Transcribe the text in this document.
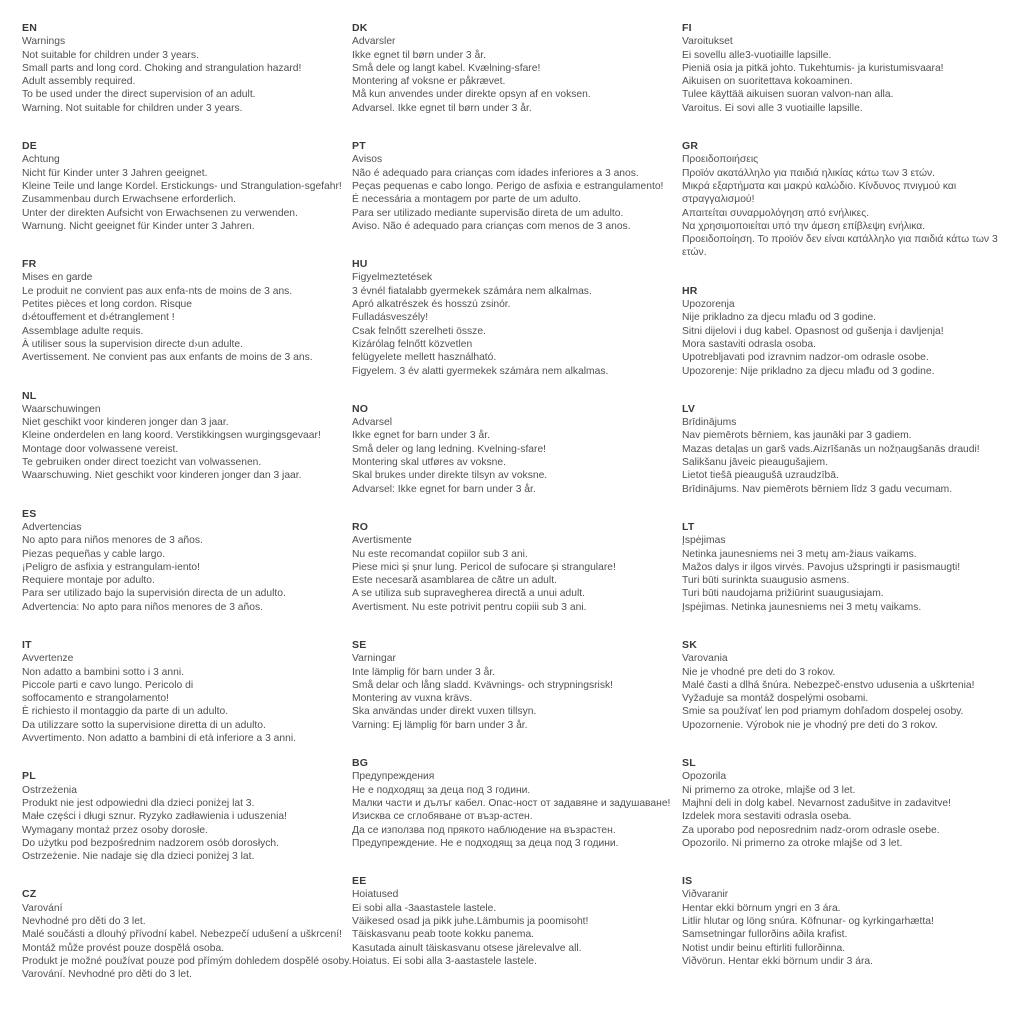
EN
Warnings
Not suitable for children under 3 years.
Small parts and long cord. Choking and strangulation hazard!
Adult assembly required.
To be used under the direct supervision of an adult.
Warning. Not suitable for children under 3 years.
DE
Achtung
Nicht für Kinder unter 3 Jahren geeignet.
Kleine Teile und lange Kordel. Erstickungs- und Strangulation-sgefahr!
Zusammenbau durch Erwachsene erforderlich.
Unter der direkten Aufsicht von Erwachsenen zu verwenden.
Warnung. Nicht geeignet für Kinder unter 3 Jahren.
FR
Mises en garde
Le produit ne convient pas aux enfa-nts de moins de 3 ans.
Petites pièces et long cordon. Risque
d›étouffement et d›étranglement !
Assemblage adulte requis.
À utiliser sous la supervision directe d›un adulte.
Avertissement. Ne convient pas aux enfants de moins de 3 ans.
NL
Waarschuwingen
Niet geschikt voor kinderen jonger dan 3 jaar.
Kleine onderdelen en lang koord. Verstikkingsen wurgingsgevaar!
Montage door volwassene vereist.
Te gebruiken onder direct toezicht van volwassenen.
Waarschuwing. Niet geschikt voor kinderen jonger dan 3 jaar.
ES
Advertencias
No apto para niños menores de 3 años.
Piezas pequeñas y cable largo.
¡Peligro de asfixia y estrangulam-iento!
Requiere montaje por adulto.
Para ser utilizado bajo la supervisión directa de un adulto.
Advertencia: No apto para niños menores de 3 años.
IT
Avvertenze
Non adatto a bambini sotto i 3 anni.
Piccole parti e cavo lungo. Pericolo di
soffocamento e strangolamento!
È richiesto il montaggio da parte di un adulto.
Da utilizzare sotto la supervisione diretta di un adulto.
Avvertimento. Non adatto a bambini di età inferiore a 3 anni.
PL
Ostrzeżenia
Produkt nie jest odpowiedni dla dzieci poniżej lat 3.
Małe części i długi sznur. Ryzyko zadławienia i uduszenia!
Wymagany montaż przez osoby dorosłe.
Do użytku pod bezpośrednim nadzorem osób dorosłych.
Ostrzeżenie. Nie nadaje się dla dzieci poniżej 3 lat.
CZ
Varování
Nevhodné pro děti do 3 let.
Malé součásti a dlouhý přívodní kabel. Nebezpečí udušení a uškrcení!
Montáž může provést pouze dospělá osoba.
Produkt je možné používat pouze pod přímým dohledem dospělé osoby.
Varování. Nevhodné pro děti do 3 let.
DK
Advarsler
Ikke egnet til børn under 3 år.
Små dele og langt kabel. Kvælning-sfare!
Montering af voksne er påkrævet.
Må kun anvendes under direkte opsyn af en voksen.
Advarsel. Ikke egnet til børn under 3 år.
PT
Avisos
Não é adequado para crianças com idades inferiores a 3 anos.
Peças pequenas e cabo longo. Perigo de asfixia e estrangulamento!
É necessária a montagem por parte de um adulto.
Para ser utilizado mediante supervisão direta de um adulto.
Aviso. Não é adequado para crianças com menos de 3 anos.
HU
Figyelmeztetések
3 évnél fiatalabb gyermekek számára nem alkalmas.
Apró alkatrészek és hosszú zsinór.
Fulladásveszély!
Csak felnőtt szerelheti össze.
Kizárólag felnőtt közvetlen
felügyelete mellett használható.
Figyelem. 3 év alatti gyermekek számára nem alkalmas.
NO
Advarsel
Ikke egnet for barn under 3 år.
Små deler og lang ledning. Kvelning-sfare!
Montering skal utføres av voksne.
Skal brukes under direkte tilsyn av voksne.
Advarsel: Ikke egnet for barn under 3 år.
RO
Avertismente
Nu este recomandat copiilor sub 3 ani.
Piese mici și șnur lung. Pericol de sufocare și strangulare!
Este necesară asamblarea de către un adult.
A se utiliza sub supravegherea directă a unui adult.
Avertisment. Nu este potrivit pentru copiii sub 3 ani.
SE
Varningar
Inte lämplig för barn under 3 år.
Små delar och lång sladd. Kvävnings- och strypningsrisk!
Montering av vuxna krävs.
Ska användas under direkt vuxen tillsyn.
Varning: Ej lämplig för barn under 3 år.
BG
Предупреждения
Не е подходящ за деца под 3 години.
Малки части и дълъг кабел. Опас-ност от задавяне и задушаване!
Изисква се сглобяване от възр-астен.
Да се използва под прякото наблюдение на възрастен.
Предупреждение. Не е подходящ за деца под 3 години.
EE
Hoiatused
Ei sobi alla -3aastastele lastele.
Väikesed osad ja pikk juhe.Lämbumis ja poomisoht!
Täiskasvanu peab toote kokku panema.
Kasutada ainult täiskasvanu otsese järelevalve all.
Hoiatus. Ei sobi alla 3-aastastele lastele.
FI
Varoitukset
Ei sovellu alle3-vuotiaille lapsille.
Pieniä osia ja pitkä johto. Tukehtumis- ja kuristumisvaara!
Aikuisen on suoritettava kokoaminen.
Tulee käyttää aikuisen suoran valvon-nan alla.
Varoitus. Ei sovi alle 3 vuotiaille lapsille.
GR
Προειδοποιήσεις
Προϊόν ακατάλληλο για παιδιά ηλικίας κάτω των 3 ετών.
Μικρά εξαρτήματα και μακρύ καλώδιο. Κίνδυνος πνιγμού και
στραγγαλισμού!
Απαιτείται συναρμολόγηση από ενήλικες.
Να χρησιμοποιείται υπό την άμεση επίβλεψη ενήλικα.
Προειδοποίηση. Το προϊόν δεν είναι κατάλληλο για παιδιά κάτω των 3
ετών.
HR
Upozorenja
Nije prikladno za djecu mlađu od 3 godine.
Sitni dijelovi i dug kabel. Opasnost od gušenja i davljenja!
Mora sastaviti odrasla osoba.
Upotrebljavati pod izravnim nadzor-om odrasle osobe.
Upozorenje: Nije prikladno za djecu mlađu od 3 godine.
LV
Brīdinājums
Nav piemērots bērniem, kas jaunāki par 3 gadiem.
Mazas detaļas un garš vads.Aizrīšanās un nožņaugšanās draudi!
Salikšanu jāveic pieaugušajiem.
Lietot tiešā pieaugušā uzraudzībā.
Brīdinājums. Nav piemērots bērniem līdz 3 gadu vecumam.
LT
Įspėjimas
Netinka jaunesniems nei 3 metų am-žiaus vaikams.
Mažos dalys ir ilgos virvės. Pavojus užspringti ir pasismaugti!
Turi būti surinkta suaugusio asmens.
Turi būti naudojama prižiūrint suaugusiajam.
Įspėjimas. Netinka jaunesniems nei 3 metų vaikams.
SK
Varovania
Nie je vhodné pre deti do 3 rokov.
Malé časti a dlhá šnúra. Nebezpeč-enstvo udusenia a uškrtenia!
Vyžaduje sa montáž dospelými osobami.
Smie sa používať len pod priamym dohľadom dospelej osoby.
Upozornenie. Výrobok nie je vhodný pre deti do 3 rokov.
SL
Opozorila
Ni primerno za otroke, mlajše od 3 let.
Majhni deli in dolg kabel. Nevarnost zadušitve in zadavitve!
Izdelek mora sestaviti odrasla oseba.
Za uporabo pod neposrednim nadz-orom odrasle osebe.
Opozorilo. Ni primerno za otroke mlajše od 3 let.
IS
Viðvaranir
Hentar ekki börnum yngri en 3 ára.
Litlir hlutar og löng snúra. Köfnunar- og kyrkingarhætta!
Samsetningar fullorðins aðila krafist.
Notist undir beinu eftirliti fullorðinna.
Viðvörun. Hentar ekki börnum undir 3 ára.
